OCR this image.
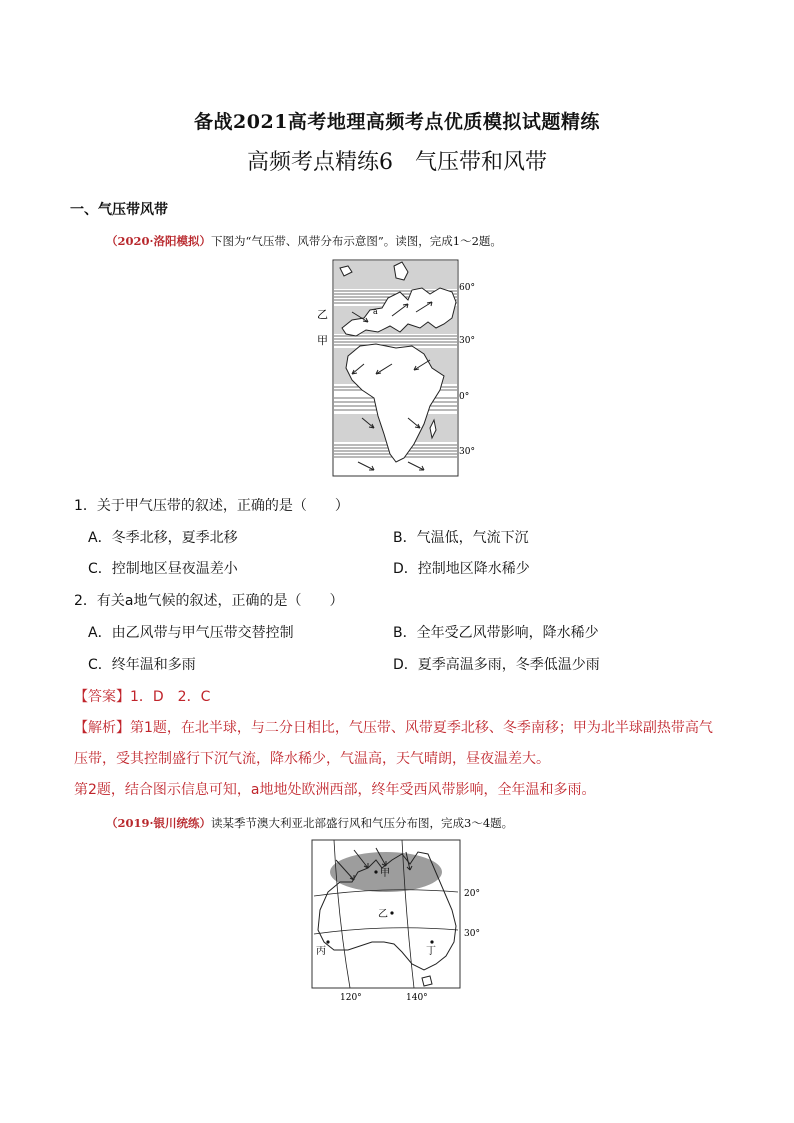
备战2021高考地理高频考点优质模拟试题精练
高频考点精练6　气压带和风带
一、气压带风带
（2020·洛阳模拟）下图为“气压带、风带分布示意图”。读图，完成1～2题。
a
乙
甲
60°
30°
0°
30°
1．关于甲气压带的叙述，正确的是（　　）
A．冬季北移，夏季北移	B．气温低，气流下沉
C．控制地区昼夜温差小	D．控制地区降水稀少
2．有关a地气候的叙述，正确的是（　　）
A．由乙风带与甲气压带交替控制	B．全年受乙风带影响，降水稀少
C．终年温和多雨	D．夏季高温多雨，冬季低温少雨
【答案】1．D　2．C
【解析】第1题，在北半球，与二分日相比，气压带、风带夏季北移、冬季南移；甲为北半球副热带高气
压带，受其控制盛行下沉气流，降水稀少，气温高，天气晴朗，昼夜温差大。
第2题，结合图示信息可知，a地地处欧洲西部，终年受西风带影响，全年温和多雨。
（2019·银川统练）读某季节澳大利亚北部盛行风和气压分布图，完成3～4题。
甲
乙
丙	丁
20°
30°
120°	140°
